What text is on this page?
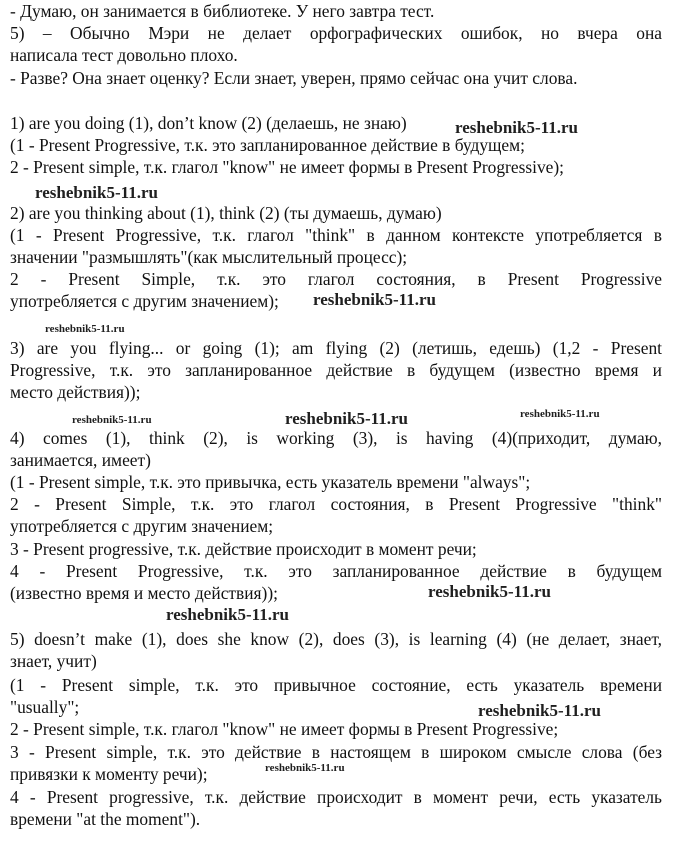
- Думаю, он занимается в библиотеке. У него завтра тест.
5) – Обычно Мэри не делает орфографических ошибок, но вчера она
написала тест довольно плохо.
- Разве? Она знает оценку? Если знает, уверен, прямо сейчас она учит слова.
1) are you doing (1), don’t know (2) (делаешь, не знаю)
(1 - Present Progressive, т.к. это запланированное действие в будущем;
2 - Present simple, т.к. глагол "know" не имеет формы в Present Progressive);
2) are you thinking about (1), think (2) (ты думаешь, думаю)
(1 - Present Progressive, т.к. глагол "think" в данном контексте употребляется в
значении "размышлять"(как мыслительный процесс);
2 - Present Simple, т.к. это глагол состояния, в Present Progressive
употребляется с другим значением);
3) are you flying... or going (1); am flying (2) (летишь, едешь) (1,2 - Present
Progressive, т.к. это запланированное действие в будущем (известно время и
место действия));
4) comes (1), think (2), is working (3), is having (4)(приходит, думаю,
занимается, имеет)
(1 - Present simple, т.к. это привычка, есть указатель времени "always";
2 - Present Simple, т.к. это глагол состояния, в Present Progressive "think"
употребляется с другим значением;
3 - Present progressive, т.к. действие происходит в момент речи;
4 - Present Progressive, т.к. это запланированное действие в будущем
(известно время и место действия));
5) doesn’t make (1), does she know (2), does (3), is learning (4) (не делает, знает,
знает, учит)
(1 - Present simple, т.к. это привычное состояние, есть указатель времени
"usually";
2 - Present simple, т.к. глагол "know" не имеет формы в Present Progressive;
3 - Present simple, т.к. это действие в настоящем в широком смысле слова (без
привязки к моменту речи);
4 - Present progressive, т.к. действие происходит в момент речи, есть указатель
времени "at the moment").
reshebnik5-11.ru
reshebnik5-11.ru
reshebnik5-11.ru
reshebnik5-11.ru
reshebnik5-11.ru	reshebnik5-11.ru	reshebnik5-11.ru
reshebnik5-11.ru
reshebnik5-11.ru
reshebnik5-11.ru
reshebnik5-11.ru
